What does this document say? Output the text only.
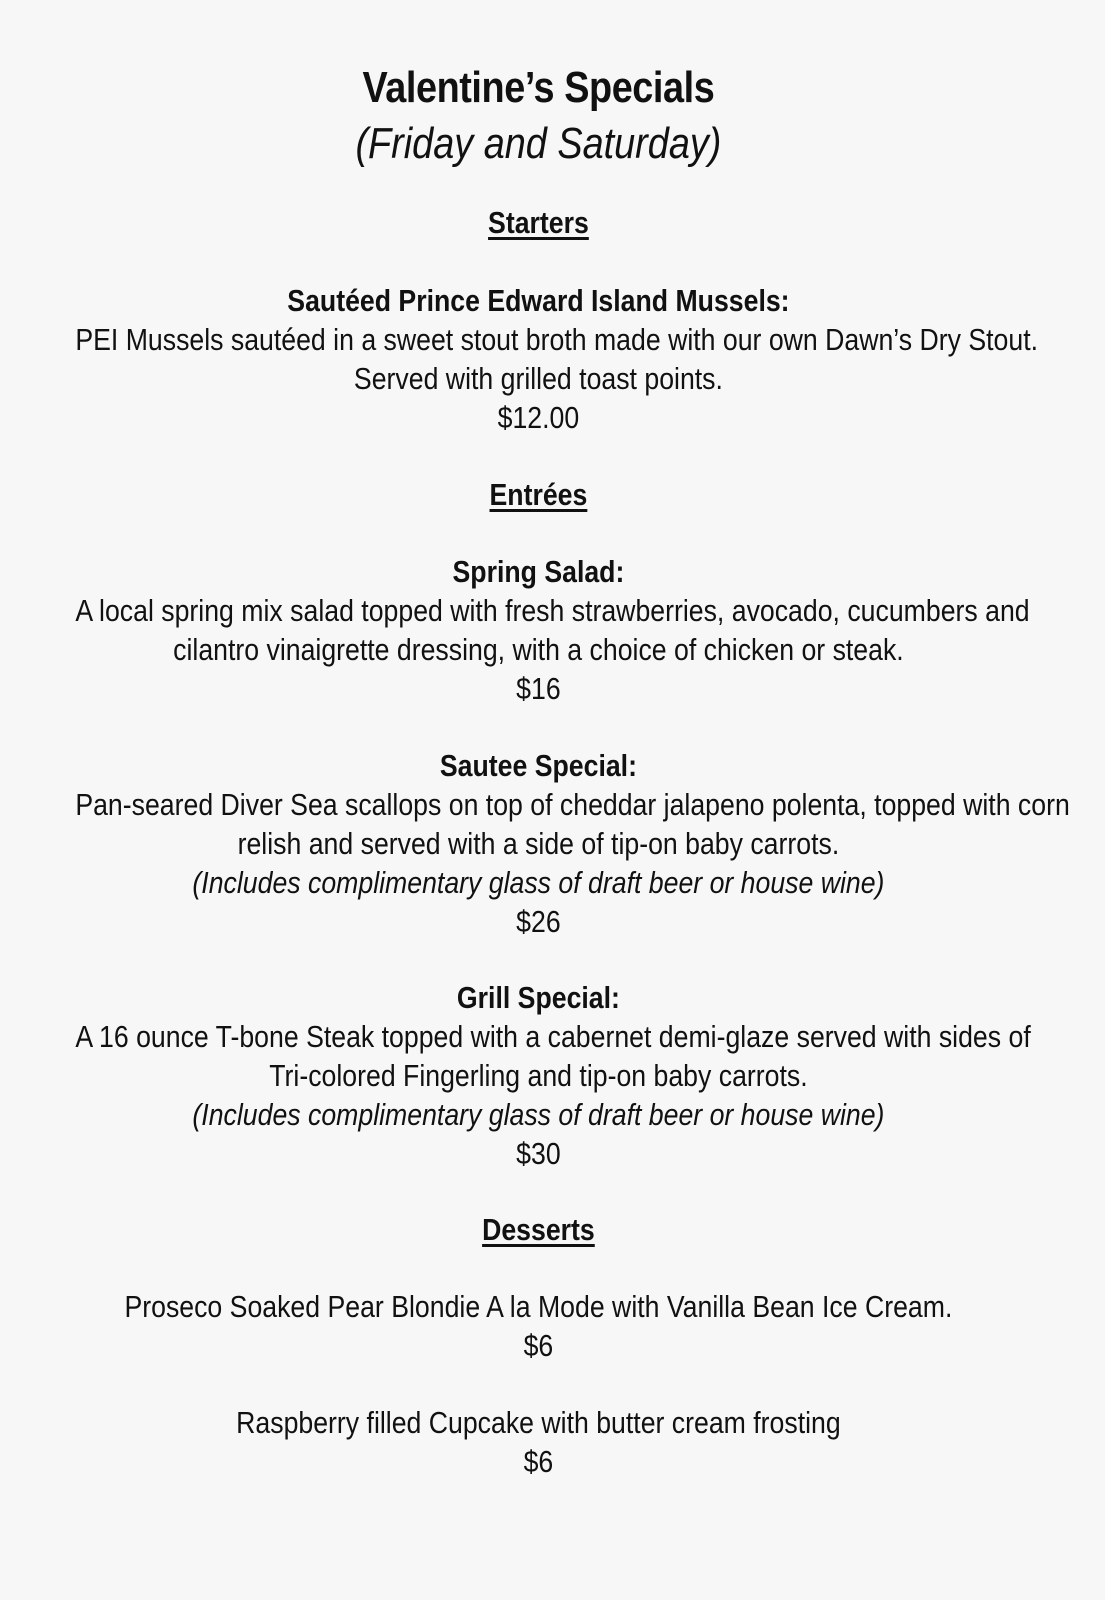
Valentine’s Specials
(Friday and Saturday)
Starters
Sautéed Prince Edward Island Mussels:
PEI Mussels sautéed in a sweet stout broth made with our own Dawn’s Dry Stout.
Served with grilled toast points.
$12.00
Entrées
Spring Salad:
A local spring mix salad topped with fresh strawberries, avocado, cucumbers and
cilantro vinaigrette dressing, with a choice of chicken or steak.
$16
Sautee Special:
Pan-seared Diver Sea scallops on top of cheddar jalapeno polenta, topped with corn
relish and served with a side of tip-on baby carrots.
(Includes complimentary glass of draft beer or house wine)
$26
Grill Special:
A 16 ounce T-bone Steak topped with a cabernet demi-glaze served with sides of
Tri-colored Fingerling and tip-on baby carrots.
(Includes complimentary glass of draft beer or house wine)
$30
Desserts
Proseco Soaked Pear Blondie A la Mode with Vanilla Bean Ice Cream.
$6
Raspberry filled Cupcake with butter cream frosting
$6
